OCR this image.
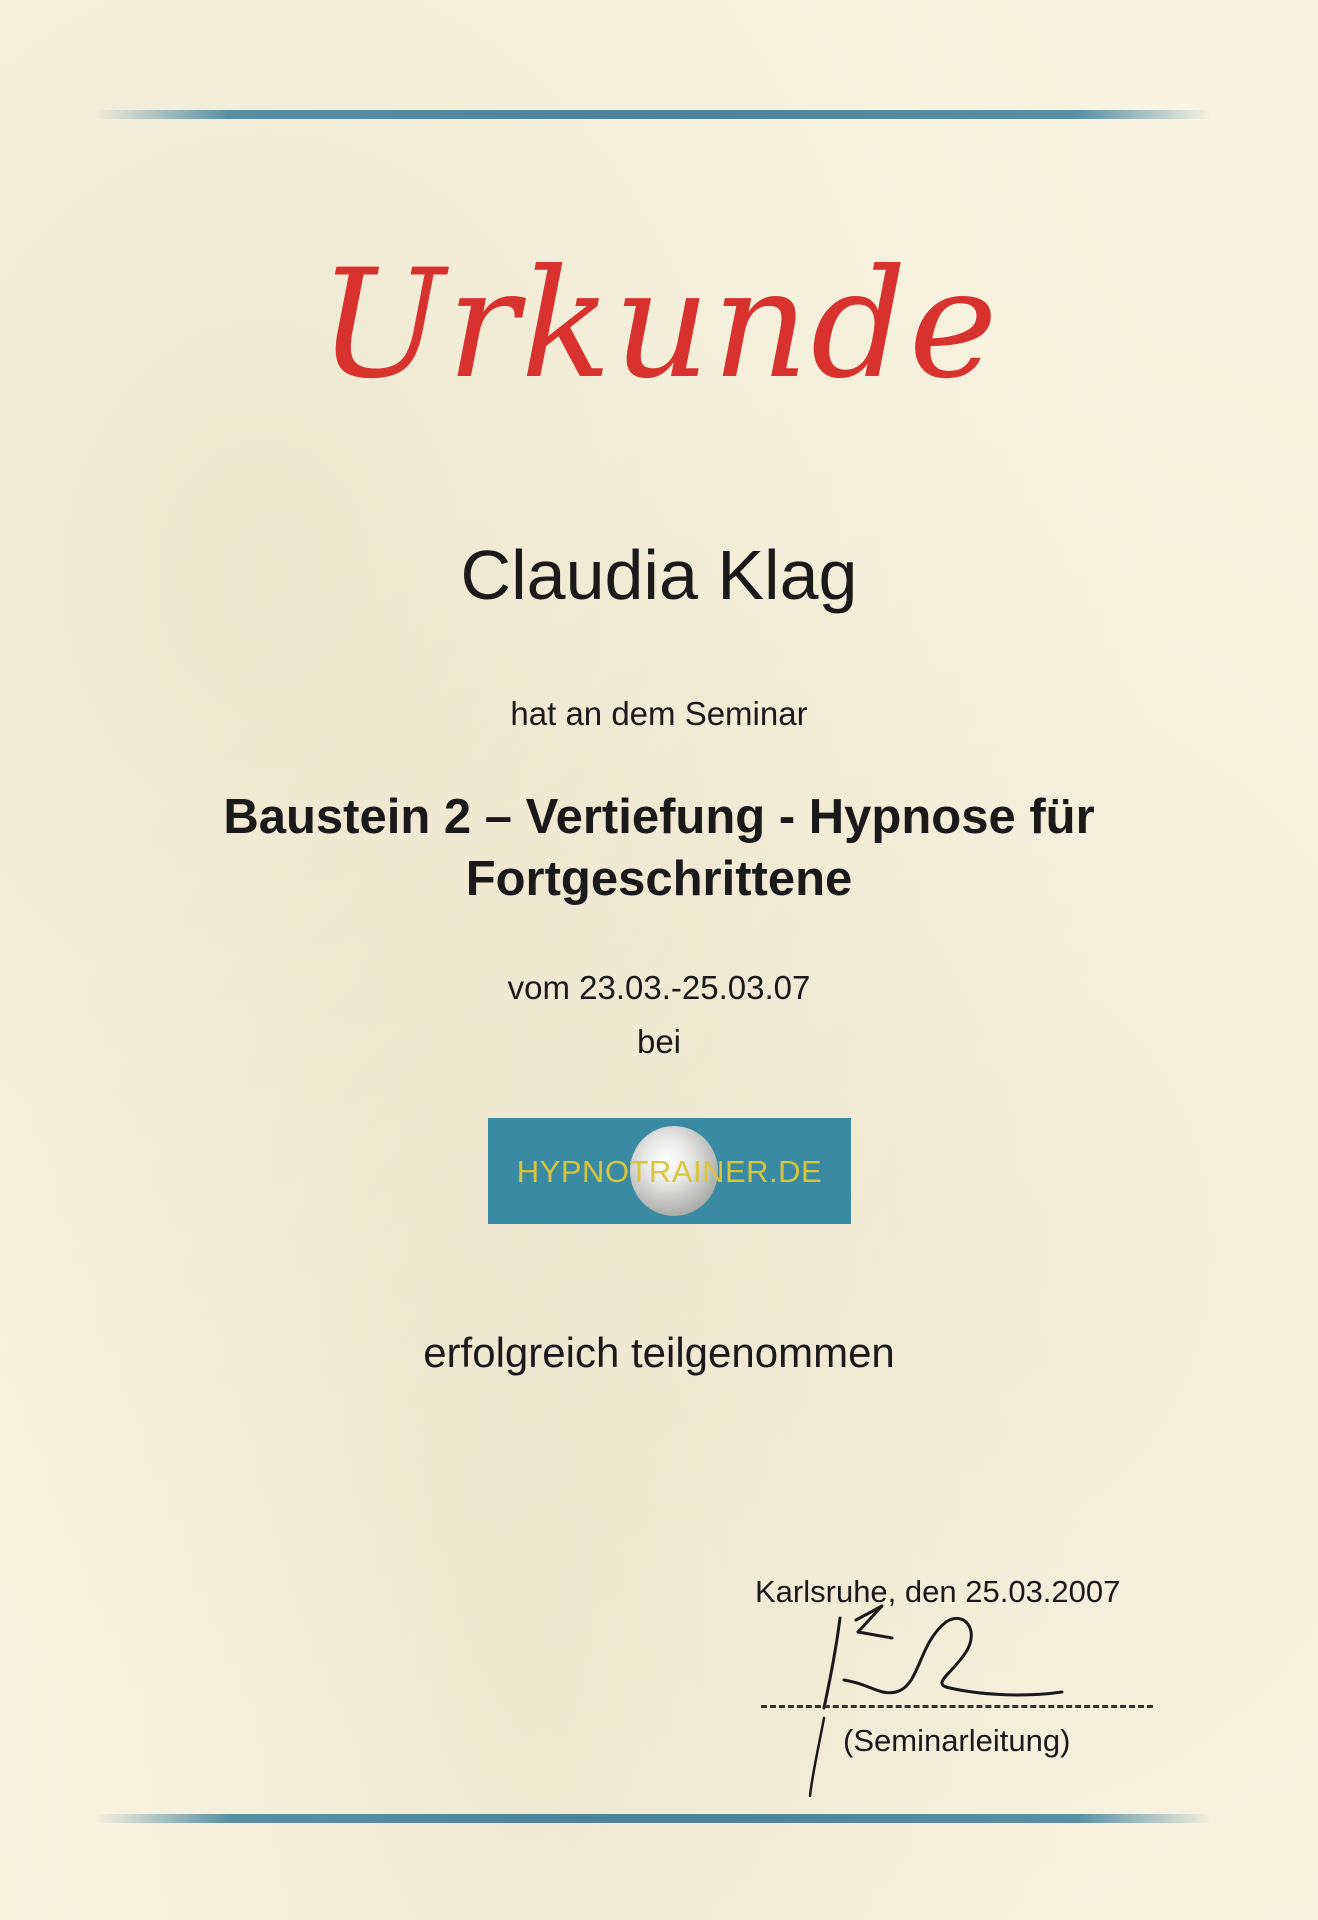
Urkunde
Claudia Klag
hat an dem Seminar
Baustein 2 – Vertiefung - Hypnose für
Fortgeschrittene
vom 23.03.-25.03.07
bei
HYPNOTRAINER.DE
erfolgreich teilgenommen
Karlsruhe, den 25.03.2007
(Seminarleitung)
